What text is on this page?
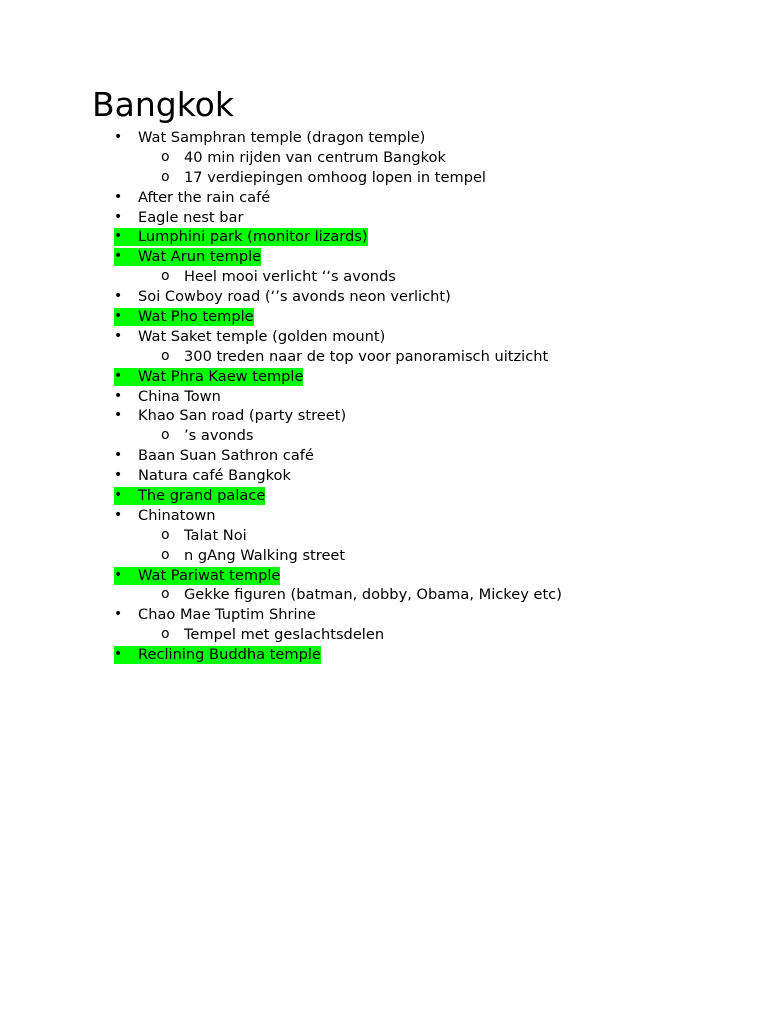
Bangkok
• Wat Samphran temple (dragon temple)
o 40 min rijden van centrum Bangkok
o 17 verdiepingen omhoog lopen in tempel
• After the rain café
• Eagle nest bar
• Lumphini park (monitor lizards)
• Wat Arun temple
o Heel mooi verlicht ‘‘s avonds
• Soi Cowboy road (‘’s avonds neon verlicht)
• Wat Pho temple
• Wat Saket temple (golden mount)
o 300 treden naar de top voor panoramisch uitzicht
• Wat Phra Kaew temple
• China Town
• Khao San road (party street)
o ’s avonds
• Baan Suan Sathron café
• Natura café Bangkok
• The grand palace
• Chinatown
o Talat Noi
o n gAng Walking street
• Wat Pariwat temple
o Gekke figuren (batman, dobby, Obama, Mickey etc)
• Chao Mae Tuptim Shrine
o Tempel met geslachtsdelen
• Reclining Buddha temple
